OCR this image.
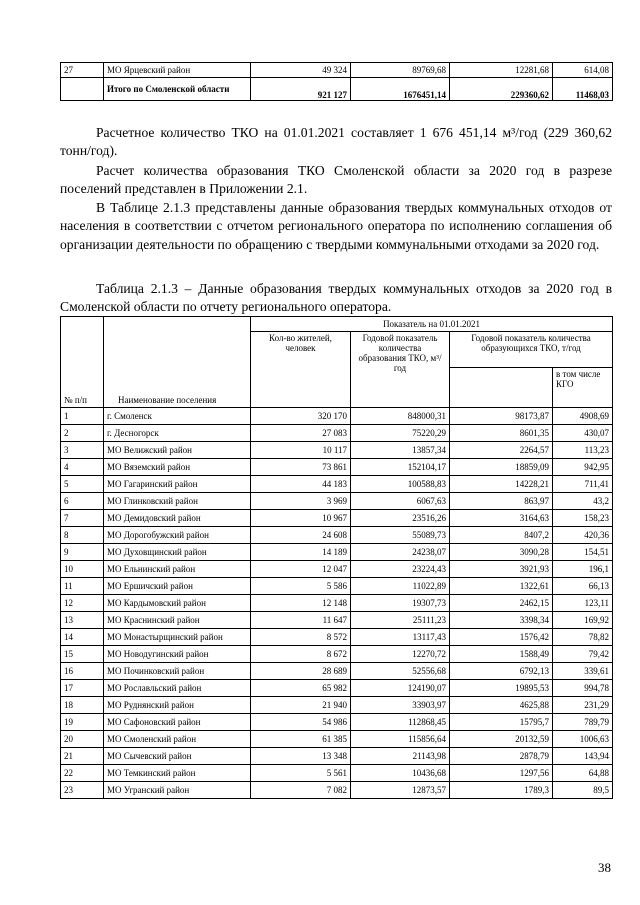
27	МО Ярцевский район	49 324	89769,68	12281,68	614,08
	Итого по Смоленской области	921 127	1676451,14	229360,62	11468,03
Расчетное количество ТКО на 01.01.2021 составляет 1 676 451,14 м³/год (229 360,62 тонн/год).
Расчет количества образования ТКО Смоленской области за 2020 год в разрезе поселений представлен в Приложении 2.1.
В Таблице 2.1.3 представлены данные образования твердых коммунальных отходов от населения в соответствии с отчетом регионального оператора по исполнению соглашения об организации деятельности по обращению с твердыми коммунальными отходами за 2020 год.
Таблица 2.1.3 – Данные образования твердых коммунальных отходов за 2020 год в Смоленской области по отчету регионального оператора.
№ п/п	Наименование поселения	Показатель на 01.01.2021			
		Кол-во жителей, человек	Годовой показатель количества образования ТКО, м³/год	Годовой показатель количества образующихся ТКО, т/год	
					в том числе КГО
1	г. Смоленск	320 170	848000,31	98173,87	4908,69
2	г. Десногорск	27 083	75220,29	8601,35	430,07
3	МО Велижский район	10 117	13857,34	2264,57	113,23
4	МО Вяземский район	73 861	152104,17	18859,09	942,95
5	МО Гагаринский район	44 183	100588,83	14228,21	711,41
6	МО Глинковский район	3 969	6067,63	863,97	43,2
7	МО Демидовский район	10 967	23516,26	3164,63	158,23
8	МО Дорогобужский район	24 608	55089,73	8407,2	420,36
9	МО Духовщинский район	14 189	24238,07	3090,28	154,51
10	МО Ельнинский район	12 047	23224,43	3921,93	196,1
11	МО Ершичский район	5 586	11022,89	1322,61	66,13
12	МО Кардымовский район	12 148	19307,73	2462,15	123,11
13	МО Краснинский район	11 647	25111,23	3398,34	169,92
14	МО Монастырщинский район	8 572	13117,43	1576,42	78,82
15	МО Новодугинский район	8 672	12270,72	1588,49	79,42
16	МО Починковский район	28 689	52556,68	6792,13	339,61
17	МО Рославльский район	65 982	124190,07	19895,53	994,78
18	МО Руднянский район	21 940	33903,97	4625,88	231,29
19	МО Сафоновский район	54 986	112868,45	15795,7	789,79
20	МО Смоленский район	61 385	115856,64	20132,59	1006,63
21	МО Сычевский район	13 348	21143,98	2878,79	143,94
22	МО Темкинский район	5 561	10436,68	1297,56	64,88
23	МО Угранский район	7 082	12873,57	1789,3	89,5
38
